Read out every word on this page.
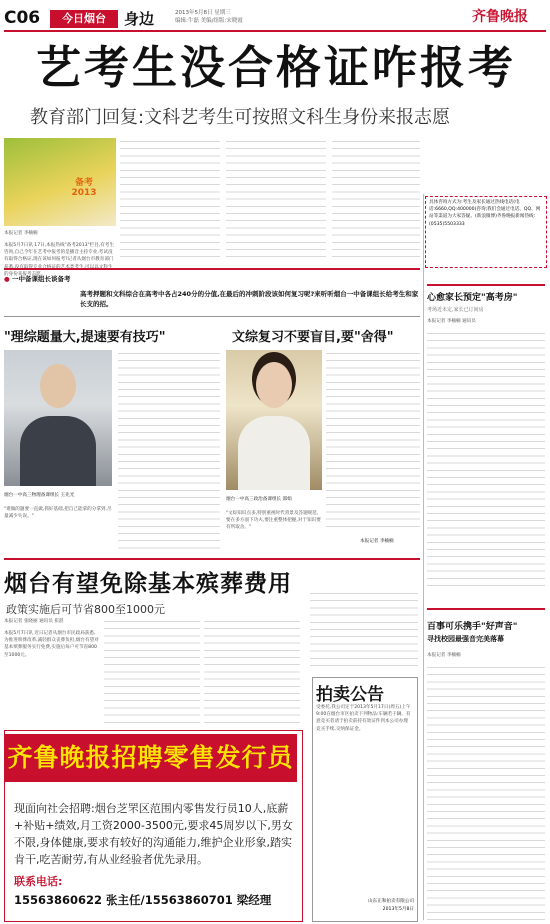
C06	今日烟台	身边	2013年5月8日 星期三
编辑:牛磊 美编/组版:宋晓霞	齐鲁晚报
艺考生没合格证咋报考
教育部门回复:文科艺考生可按照文科生身份来报志愿
备考2013
本报记者 李楠楠
本报5月7日讯 17日,本报热线"备考2013"栏目,有考生咨询,自己今年在艺考中报考的是播音主持专业,考试没有取得合格证,现在该如何报考?记者从烟台市教育部门 的身份来报考志愿。
具体咨询方式为:考生及家长通过热线电话(电话:6660,QQ:400000)咨询;我们会通过电话、QQ、网站等渠道为大家答疑。(新浪微博)齐鲁晚报新闻热线:(0535)5503333
● 一中备课组长谈备考
高考押题和文科综合在高考中各占240分的分值,在最后的冲刺阶段该如何复习呢?来听听烟台一中备课组长给考生和家长支的招。
"理综题量大,提速要有技巧"	文综复习不要盲目,要"舍得"
烟台一中高三物理备课组长 王先光
"难做的题要一直做,抓好基础,把自己能拿的分拿到,尽量减少失误。"
烟台一中高三政治备课组长 邵娟
"文综知识点多,特别重视时代背景及答题规范,要在多方面下功夫,要注重整体把握,对于知识要有所取舍。"
本报记者 李楠楠
烟台有望免除基本殡葬费用
政策实施后可节省800至1000元
本报记者 张晓丽 通讯员 崔湛
本报5月7日讯 近日记者从烟台市民政局获悉,为推进殡葬改革,减轻群众丧葬负担,烟台有望对基本殡葬服务实行免费,实施后每户可节省800至1000元。
齐鲁晚报招聘零售发行员
现面向社会招聘:烟台芝罘区范围内零售发行员10人,底薪+补贴+绩效,月工资2000-3500元,要求45周岁以下,男女不限,身体健康,要求有较好的沟通能力,维护企业形象,踏实肯干,吃苦耐劳,有从业经验者优先录用。
联系电话:
15563860622 张主任/15563860701 梁经理
拍卖公告
受委托,我公司定于2013年5月17日(周五)上午9:00在烟台市区拍卖下列物品:车辆若干辆。有意竞买者请于拍卖前持有效证件到本公司办理竞买手续,交纳保证金。
山东正和拍卖有限公司
2013年5月8日
心愈家长预定"高考房"
考场近未定,家长已订间房
本报记者 李楠楠 通讯员
百事可乐携手"好声音"
寻找校园最强音完美落幕
本报记者 李楠楠
